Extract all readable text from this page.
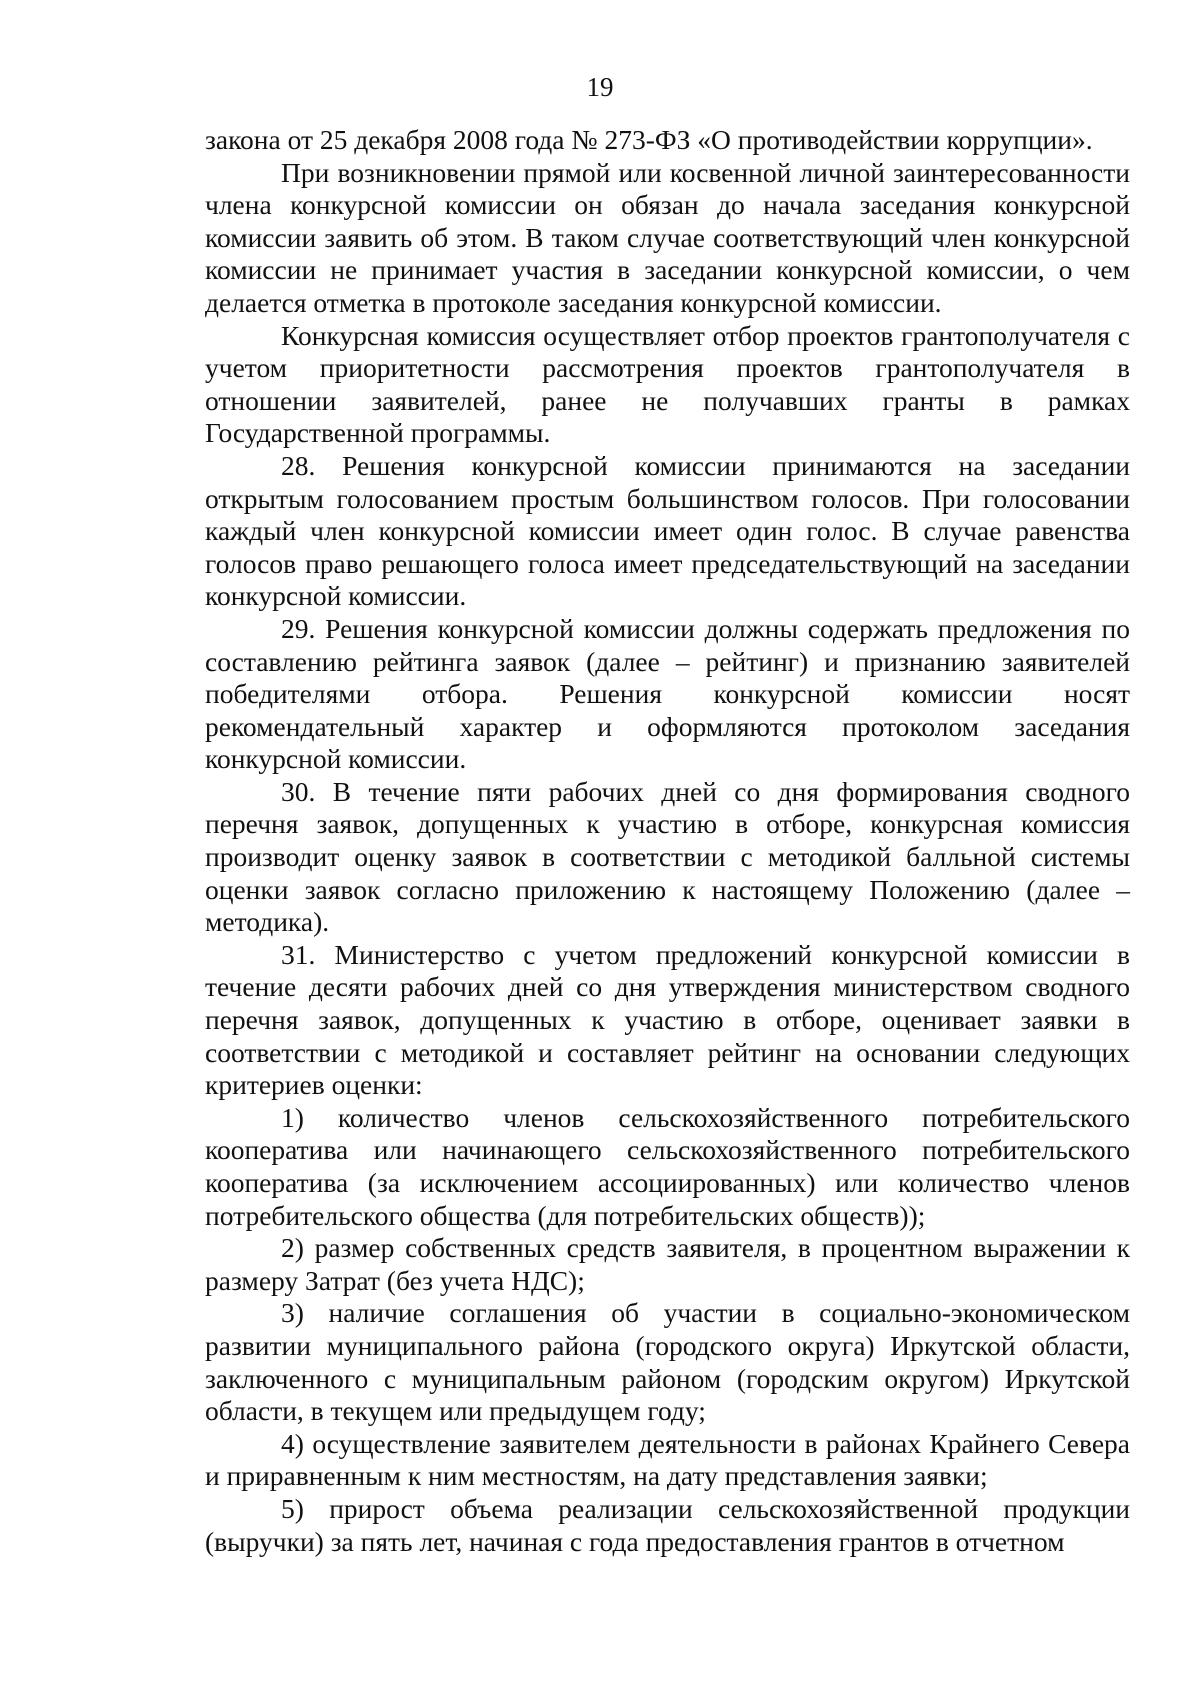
19

закона от 25 декабря 2008 года № 273-ФЗ «О противодействии коррупции».

При возникновении прямой или косвенной личной заинтересованности члена конкурсной комиссии он обязан до начала заседания конкурсной комиссии заявить об этом. В таком случае соответствующий член конкурсной комиссии не принимает участия в заседании конкурсной комиссии, о чем делается отметка в протоколе заседания конкурсной комиссии.

Конкурсная комиссия осуществляет отбор проектов грантополучателя с учетом приоритетности рассмотрения проектов грантополучателя в отношении заявителей, ранее не получавших гранты в рамках Государственной программы.

28. Решения конкурсной комиссии принимаются на заседании открытым голосованием простым большинством голосов. При голосовании каждый член конкурсной комиссии имеет один голос. В случае равенства голосов право решающего голоса имеет председательствующий на заседании конкурсной комиссии.

29. Решения конкурсной комиссии должны содержать предложения по составлению рейтинга заявок (далее – рейтинг) и признанию заявителей победителями отбора. Решения конкурсной комиссии носят рекомендательный характер и оформляются протоколом заседания конкурсной комиссии.

30. В течение пяти рабочих дней со дня формирования сводного перечня заявок, допущенных к участию в отборе, конкурсная комиссия производит оценку заявок в соответствии с методикой балльной системы оценки заявок согласно приложению к настоящему Положению (далее – методика).

31. Министерство с учетом предложений конкурсной комиссии в течение десяти рабочих дней со дня утверждения министерством сводного перечня заявок, допущенных к участию в отборе, оценивает заявки в соответствии с методикой и составляет рейтинг на основании следующих критериев оценки:

1) количество членов сельскохозяйственного потребительского кооператива или начинающего сельскохозяйственного потребительского кооператива (за исключением ассоциированных) или количество членов потребительского общества (для потребительских обществ));

2) размер собственных средств заявителя, в процентном выражении к размеру Затрат (без учета НДС);

3) наличие соглашения об участии в социально-экономическом развитии муниципального района (городского округа) Иркутской области, заключенного с муниципальным районом (городским округом) Иркутской области, в текущем или предыдущем году;

4) осуществление заявителем деятельности в районах Крайнего Севера и приравненным к ним местностям, на дату представления заявки;

5) прирост объема реализации сельскохозяйственной продукции (выручки) за пять лет, начиная с года предоставления грантов в отчетном
